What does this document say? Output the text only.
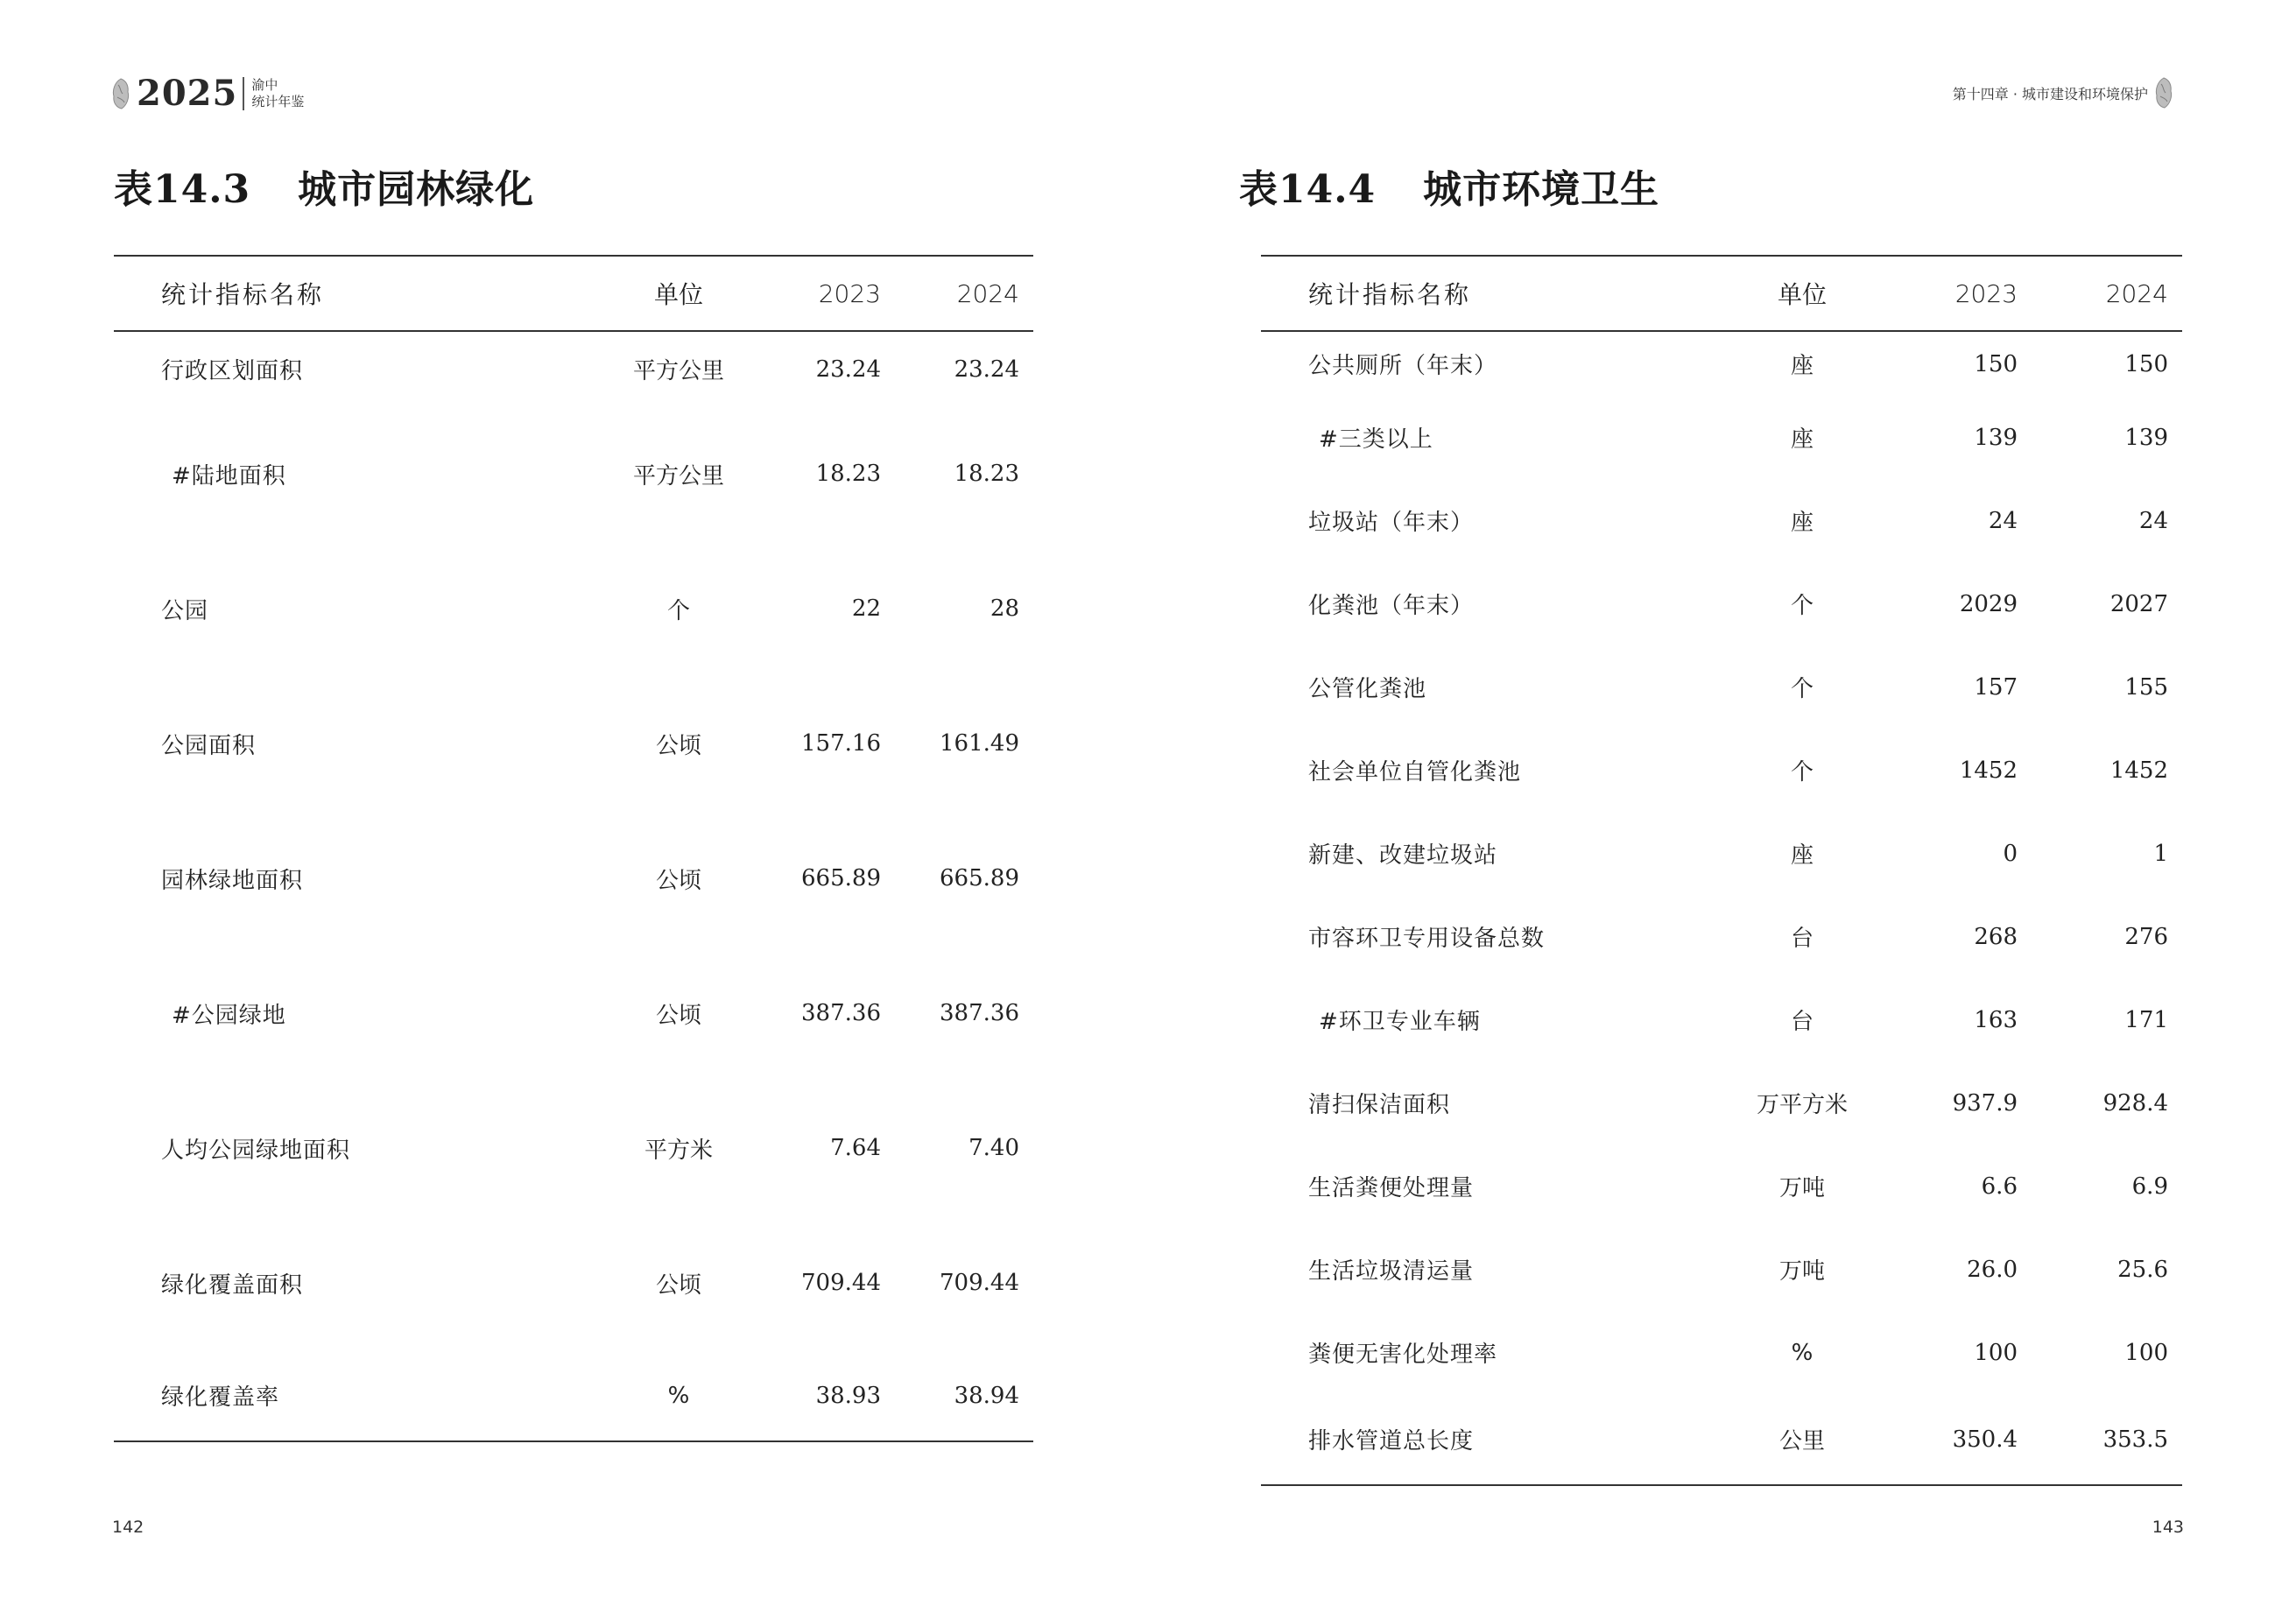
2025 渝中
统计年鉴
表14.3 城市园林绿化
统计指标名称	单位	2023	2024
行政区划面积	平方公里	23.24	23.24
#陆地面积	平方公里	18.23	18.23
公园	个	22	28
公园面积	公顷	157.16	161.49
园林绿地面积	公顷	665.89	665.89
#公园绿地	公顷	387.36	387.36
人均公园绿地面积	平方米	7.64	7.40
绿化覆盖面积	公顷	709.44	709.44
绿化覆盖率	%	38.93	38.94
142
第十四章 · 城市建设和环境保护
表14.4 城市环境卫生
统计指标名称	单位	2023	2024
公共厕所（年末）	座	150	150
#三类以上	座	139	139
垃圾站（年末）	座	24	24
化粪池（年末）	个	2029	2027
公管化粪池	个	157	155
社会单位自管化粪池	个	1452	1452
新建、改建垃圾站	座	0	1
市容环卫专用设备总数	台	268	276
#环卫专业车辆	台	163	171
清扫保洁面积	万平方米	937.9	928.4
生活粪便处理量	万吨	6.6	6.9
生活垃圾清运量	万吨	26.0	25.6
粪便无害化处理率	%	100	100
排水管道总长度	公里	350.4	353.5
143
